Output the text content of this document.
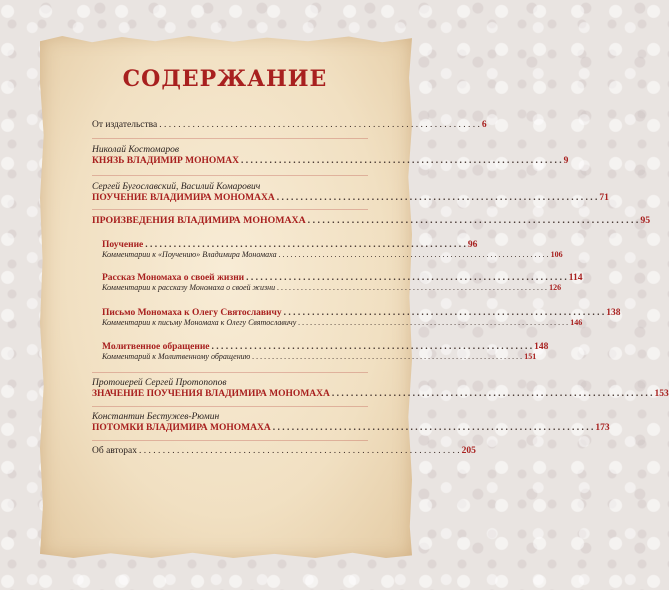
СОДЕРЖАНИЕ
От издательства . . .	6
Николай Костомаров
КНЯЗЬ ВЛАДИМИР МОНОМАХ . . .	9
Сергей Бугославский, Василий Комарович
ПОУЧЕНИЕ ВЛАДИМИРА МОНОМАХА . . .	71
ПРОИЗВЕДЕНИЯ ВЛАДИМИРА МОНОМАХА . . .	95
Поучение . . .	96
Комментарии к «Поучению» Владимира Мономаха . . .	106
Рассказ Мономаха о своей жизни . . .	114
Комментарии к рассказу Мономаха о своей жизни . . .	126
Письмо Мономаха к Олегу Святославичу . . .	138
Комментарии к письму Мономаха к Олегу Святославичу . . .	146
Молитвенное обращение . . .	148
Комментарий к Молитвенному обращению . . .	151
Протоиерей Сергей Протопопов
ЗНАЧЕНИЕ ПОУЧЕНИЯ ВЛАДИМИРА МОНОМАХА . . .	153
Константин Бестужев-Рюмин
ПОТОМКИ ВЛАДИМИРА МОНОМАХА . . .	173
Об авторах . . .	205
